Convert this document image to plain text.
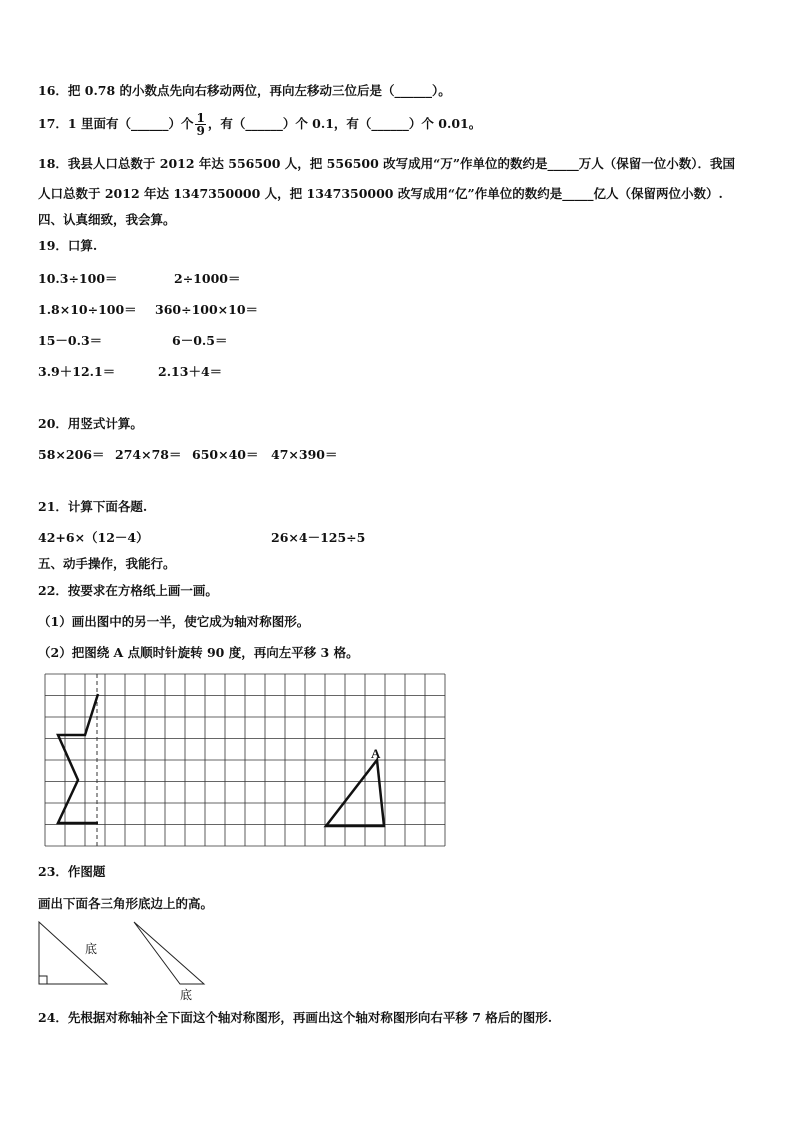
16．把 0.78 的小数点先向右移动两位，再向左移动三位后是（______）。
17．1 里面有（______）个 $\frac{1}{9}$ ，有（______）个 0.1，有（______）个 0.01。
18．我县人口总数于 2012 年达 556500 人，把 556500 改写成用“万”作单位的数约是_____万人（保留一位小数）．我国
人口总数于 2012 年达 1347350000 人，把 1347350000 改写成用“亿”作单位的数约是_____亿人（保留两位小数）.
四、认真细致，我会算。
19．口算.
10.3÷100＝	2÷1000＝
1.8×10÷100＝ 360÷100×10＝
15－0.3＝	6－0.5＝
3.9＋12.1＝	2.13＋4＝
20．用竖式计算。
58×206＝ 274×78＝ 650×40＝ 47×390＝
21．计算下面各题.
42+6×（12－4）	26×4－125÷5
五、动手操作，我能行。
22．按要求在方格纸上画一画。
（1）画出图中的另一半，使它成为轴对称图形。
（2）把图绕 A 点顺时针旋转 90 度，再向左平移 3 格。
A
23．作图题
画出下面各三角形底边上的高。
底
底
24．先根据对称轴补全下面这个轴对称图形，再画出这个轴对称图形向右平移 7 格后的图形.
